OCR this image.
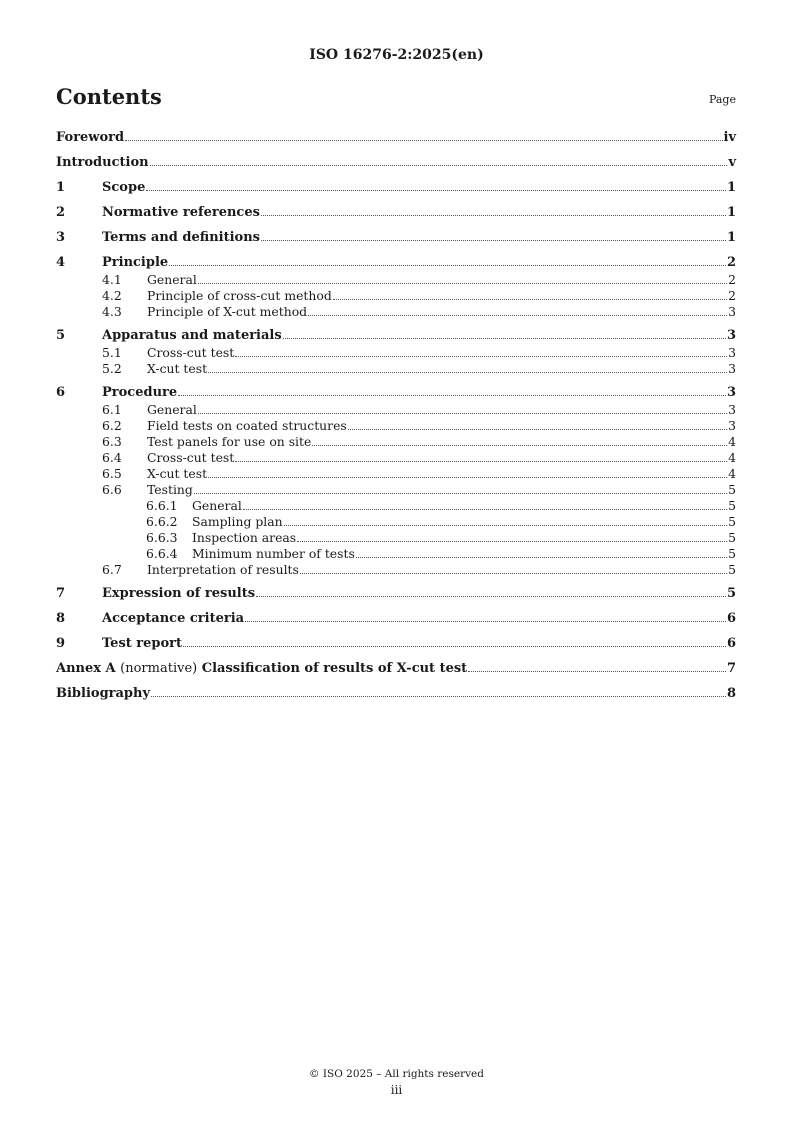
ISO 16276-2:2025(en)
Contents	Page
Foreword	iv
Introduction	v
1	Scope	1
2	Normative references	1
3	Terms and definitions	1
4	Principle	2
4.1	General	2
4.2	Principle of cross-cut method	2
4.3	Principle of X-cut method	3
5	Apparatus and materials	3
5.1	Cross-cut test	3
5.2	X-cut test	3
6	Procedure	3
6.1	General	3
6.2	Field tests on coated structures	3
6.3	Test panels for use on site	4
6.4	Cross-cut test	4
6.5	X-cut test	4
6.6	Testing	5
6.6.1	General	5
6.6.2	Sampling plan	5
6.6.3	Inspection areas	5
6.6.4	Minimum number of tests	5
6.7	Interpretation of results	5
7	Expression of results	5
8	Acceptance criteria	6
9	Test report	6
Annex A (normative) Classification of results of X-cut test	7
Bibliography	8
© ISO 2025 – All rights reserved
iii
